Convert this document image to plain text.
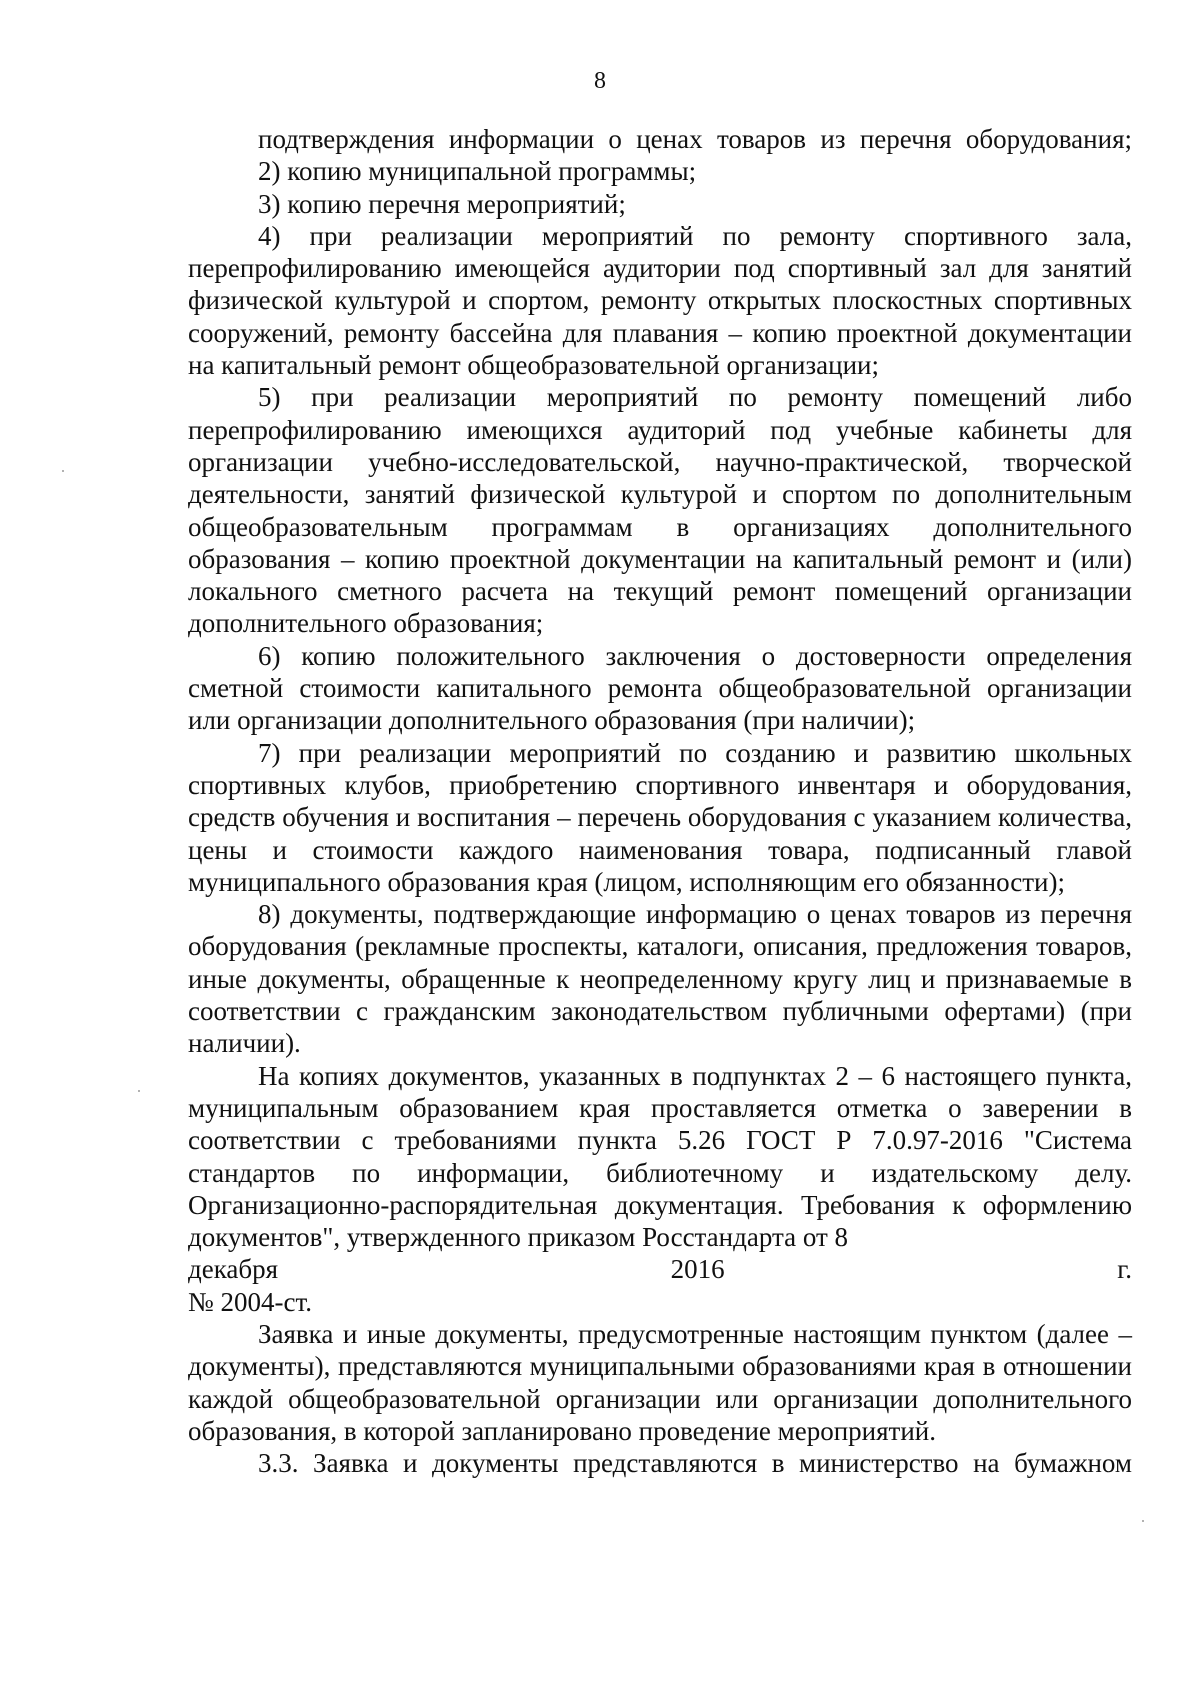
8

подтверждения информации о ценах товаров из перечня оборудования;

2) копию муниципальной программы;

3) копию перечня мероприятий;

4) при реализации мероприятий по ремонту спортивного зала, перепрофилированию имеющейся аудитории под спортивный зал для занятий физической культурой и спортом, ремонту открытых плоскостных спортивных сооружений, ремонту бассейна для плавания – копию проектной документации на капитальный ремонт общеобразовательной организации;

5) при реализации мероприятий по ремонту помещений либо перепрофилированию имеющихся аудиторий под учебные кабинеты для организации учебно-исследовательской, научно-практической, творческой деятельности, занятий физической культурой и спортом по дополнительным общеобразовательным программам в организациях дополнительного образования – копию проектной документации на капитальный ремонт и (или) локального сметного расчета на текущий ремонт помещений организации дополнительного образования;

6) копию положительного заключения о достоверности определения сметной стоимости капитального ремонта общеобразовательной организации или организации дополнительного образования (при наличии);

7) при реализации мероприятий по созданию и развитию школьных спортивных клубов, приобретению спортивного инвентаря и оборудования, средств обучения и воспитания – перечень оборудования с указанием количества, цены и стоимости каждого наименования товара, подписанный главой муниципального образования края (лицом, исполняющим его обязанности);

8) документы, подтверждающие информацию о ценах товаров из перечня оборудования (рекламные проспекты, каталоги, описания, предложения товаров, иные документы, обращенные к неопределенному кругу лиц и признаваемые в соответствии с гражданским законодательством публичными офертами) (при наличии).

На копиях документов, указанных в подпунктах 2 – 6 настоящего пункта, муниципальным образованием края проставляется отметка о заверении в соответствии с требованиями пункта 5.26 ГОСТ Р 7.0.97-2016 "Система стандартов по информации, библиотечному и издательскому делу. Организационно-распорядительная документация. Требования к оформлению документов", утвержденного приказом Росстандарта от 8

декабря 2016 г.

№ 2004-ст.

Заявка и иные документы, предусмотренные настоящим пунктом (далее – документы), представляются муниципальными образованиями края в отношении каждой общеобразовательной организации или организации дополнительного образования, в которой запланировано проведение мероприятий.

3.3. Заявка и документы представляются в министерство на бумажном
